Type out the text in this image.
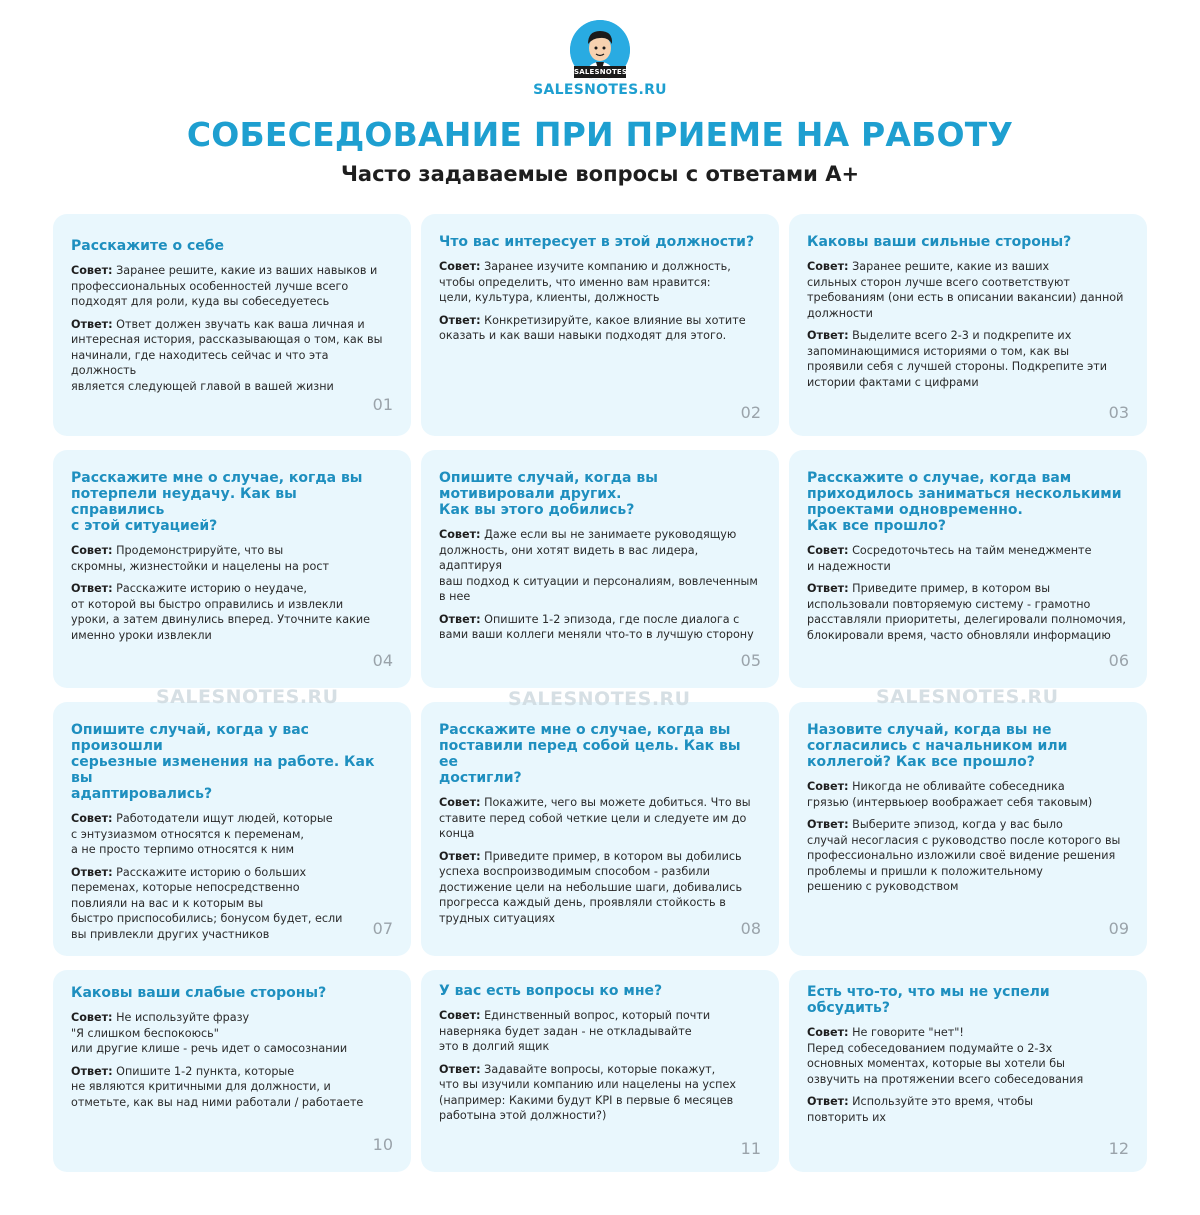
SALESNOTES
SALESNOTES.RU
СОБЕСЕДОВАНИЕ ПРИ ПРИЕМЕ НА РАБОТУ
Часто задаваемые вопросы с ответами А+
Расскажите о себе
Совет: Заранее решите, какие из ваших навыков и
профессиональных особенностей лучше всего
подходят для роли, куда вы собеседуетесь
Ответ: Ответ должен звучать как ваша личная и
интересная история, рассказывающая о том, как вы
начинали, где находитесь сейчас и что эта должность
является следующей главой в вашей жизни
01
Что вас интересует в этой должности?
Совет: Заранее изучите компанию и должность,
чтобы определить, что именно вам нравится:
цели, культура, клиенты, должность
Ответ: Конкретизируйте, какое влияние вы хотите
оказать и как ваши навыки подходят для этого.
02
Каковы ваши сильные стороны?
Совет: Заранее решите, какие из ваших
сильных сторон лучше всего соответствуют
требованиям (они есть в описании вакансии) данной
должности
Ответ: Выделите всего 2-3 и подкрепите их
запоминающимися историями о том, как вы
проявили себя с лучшей стороны. Подкрепите эти
истории фактами с цифрами
03
Расскажите мне о случае, когда вы
потерпели неудачу. Как вы справились
с этой ситуацией?
Совет: Продемонстрируйте, что вы
скромны, жизнестойки и нацелены на рост
Ответ: Расскажите историю о неудаче,
от которой вы быстро оправились и извлекли
уроки, а затем двинулись вперед. Уточните какие
именно уроки извлекли
04
Опишите случай, когда вы
мотивировали других.
Как вы этого добились?
Совет: Даже если вы не занимаете руководящую
должность, они хотят видеть в вас лидера, адаптируя
ваш подход к ситуации и персоналиям, вовлеченным
в нее
Ответ: Опишите 1-2 эпизода, где после диалога с
вами ваши коллеги меняли что-то в лучшую сторону
05
Расскажите о случае, когда вам
приходилось заниматься несколькими
проектами одновременно.
Как все прошло?
Совет: Сосредоточьтесь на тайм менеджменте
и надежности
Ответ: Приведите пример, в котором вы
использовали повторяемую систему - грамотно
расставляли приоритеты, делегировали полномочия,
блокировали время, часто обновляли информацию
06
Опишите случай, когда у вас произошли
серьезные изменения на работе. Как вы
адаптировались?
Совет: Работодатели ищут людей, которые
с энтузиазмом относятся к переменам,
а не просто терпимо относятся к ним
Ответ: Расскажите историю о больших
переменах, которые непосредственно
повлияли на вас и к которым вы
быстро приспособились; бонусом будет, если
вы привлекли других участников	07
Расскажите мне о случае, когда вы
поставили перед собой цель. Как вы ее
достигли?
Совет: Покажите, чего вы можете добиться. Что вы
ставите перед собой четкие цели и следуете им до
конца
Ответ: Приведите пример, в котором вы добились
успеха воспроизводимым способом - разбили
достижение цели на небольшие шаги, добивались
прогресса каждый день, проявляли стойкость в
трудных ситуациях
08
Назовите случай, когда вы не
согласились с начальником или
коллегой? Как все прошло?
Совет: Никогда не обливайте собеседника
грязью (интервьюер воображает себя таковым)
Ответ: Выберите эпизод, когда у вас было
случай несогласия с руководство после которого вы
профессионально изложили своё видение решения
проблемы и пришли к положительному
решению с руководством
09
Каковы ваши слабые стороны?
Совет: Не используйте фразу
"Я слишком беспокоюсь"
или другие клише - речь идет о самосознании
Ответ: Опишите 1-2 пункта, которые
не являются критичными для должности, и
отметьте, как вы над ними работали / работаете
10
У вас есть вопросы ко мне?
Совет: Единственный вопрос, который почти
наверняка будет задан - не откладывайте
это в долгий ящик
Ответ: Задавайте вопросы, которые покажут,
что вы изучили компанию или нацелены на успех
(например: Какими будут KPI в первые 6 месяцев
работына этой должности?)
11
Есть что-то, что мы не успели обсудить?
Совет: Не говорите "нет"!
Перед собеседованием подумайте о 2-3х
основных моментах, которые вы хотели бы
озвучить на протяжении всего собеседования
Ответ: Используйте это время, чтобы
повторить их
12
SALESNOTES.RU	SALESNOTES.RU	SALESNOTES.RU
